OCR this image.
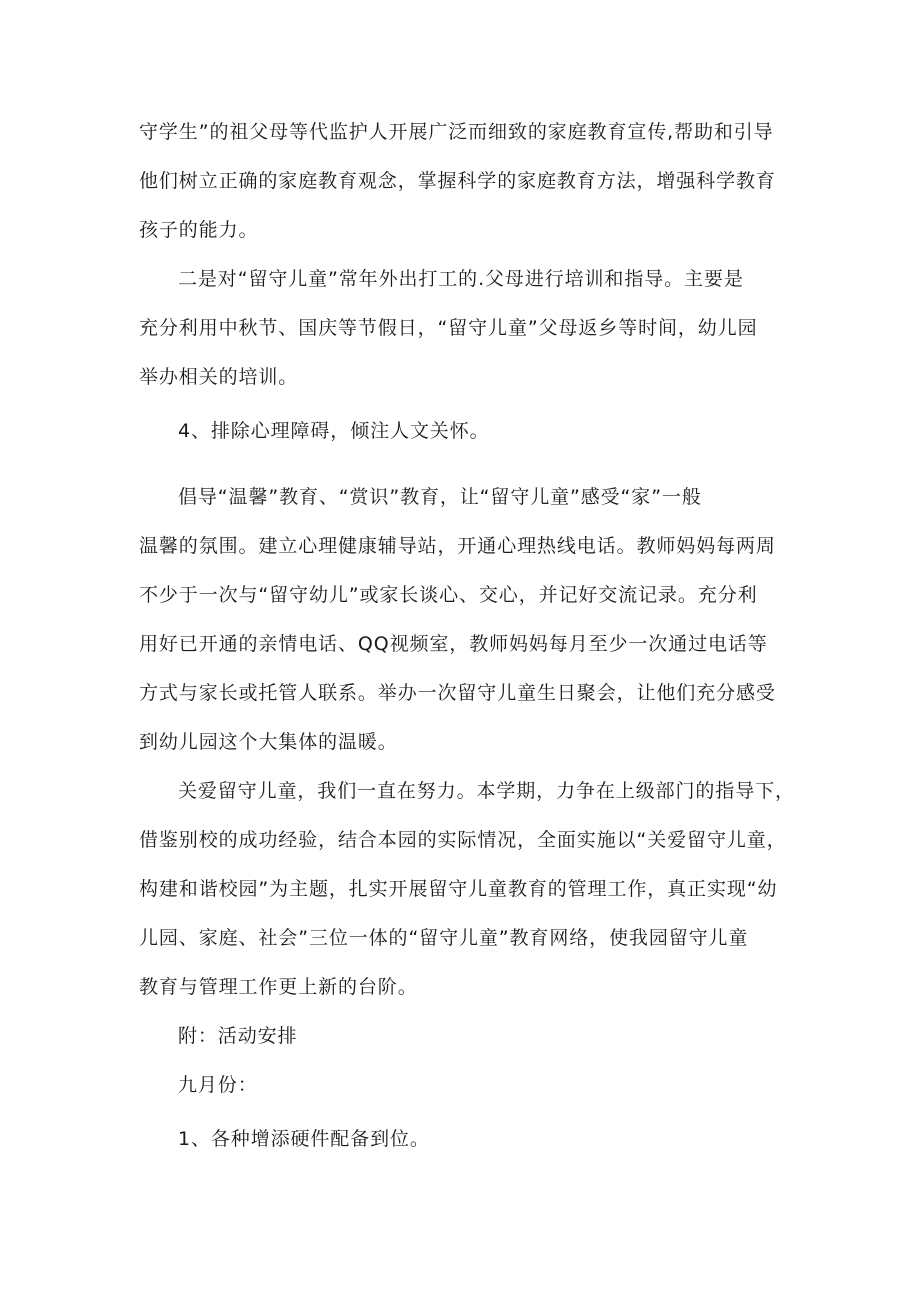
守学生”的祖父母等代监护人开展广泛而细致的家庭教育宣传,帮助和引导
他们树立正确的家庭教育观念，掌握科学的家庭教育方法，增强科学教育
孩子的能力。
二是对“留守儿童”常年外出打工的.父母进行培训和指导。主要是
充分利用中秋节、国庆等节假日，“留守儿童”父母返乡等时间，幼儿园
举办相关的培训。
4、排除心理障碍，倾注人文关怀。
倡导“温馨”教育、“赏识”教育，让“留守儿童”感受“家”一般
温馨的氛围。建立心理健康辅导站，开通心理热线电话。教师妈妈每两周
不少于一次与“留守幼儿”或家长谈心、交心，并记好交流记录。充分利
用好已开通的亲情电话、QQ视频室，教师妈妈每月至少一次通过电话等
方式与家长或托管人联系。举办一次留守儿童生日聚会，让他们充分感受
到幼儿园这个大集体的温暖。
关爱留守儿童，我们一直在努力。本学期，力争在上级部门的指导下，
借鉴别校的成功经验，结合本园的实际情况，全面实施以“关爱留守儿童，
构建和谐校园”为主题，扎实开展留守儿童教育的管理工作，真正实现“幼
儿园、家庭、社会”三位一体的“留守儿童”教育网络，使我园留守儿童
教育与管理工作更上新的台阶。
附：活动安排
九月份：
1、各种增添硬件配备到位。
